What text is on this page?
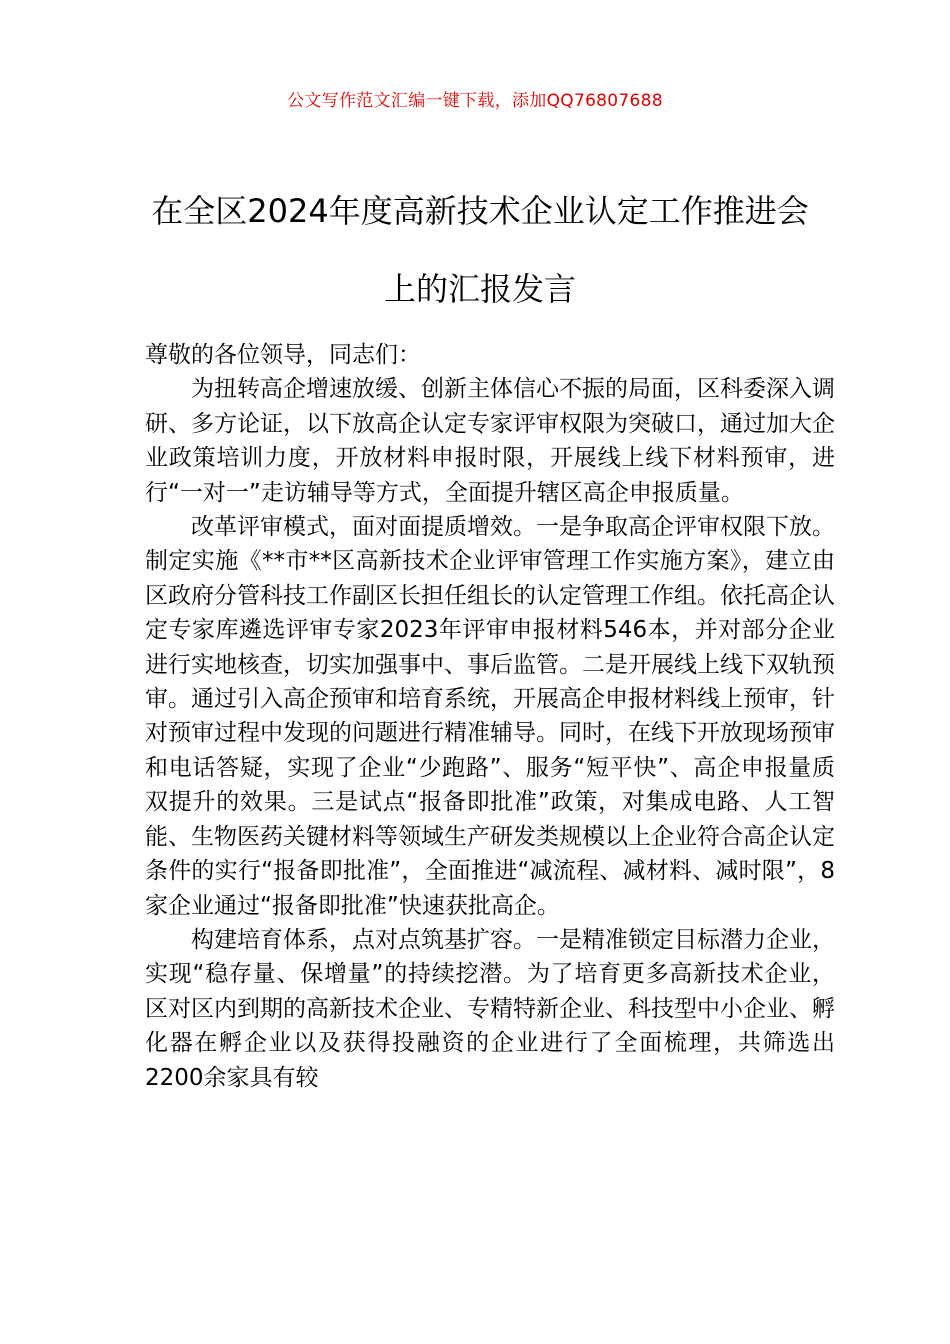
公文写作范文汇编一键下载，添加QQ76807688
在全区2024年度高新技术企业认定工作推进会上的汇报发言

尊敬的各位领导，同志们：

为扭转高企增速放缓、创新主体信心不振的局面，区科委深入调研、多方论证，以下放高企认定专家评审权限为突破口，通过加大企业政策培训力度，开放材料申报时限，开展线上线下材料预审，进行“一对一”走访辅导等方式，全面提升辖区高企申报质量。

改革评审模式，面对面提质增效。一是争取高企评审权限下放。制定实施《**市**区高新技术企业评审管理工作实施方案》，建立由区政府分管科技工作副区长担任组长的认定管理工作组。依托高企认定专家库遴选评审专家2023年评审申报材料546本，并对部分企业进行实地核查，切实加强事中、事后监管。二是开展线上线下双轨预审。通过引入高企预审和培育系统，开展高企申报材料线上预审，针对预审过程中发现的问题进行精准辅导。同时，在线下开放现场预审和电话答疑，实现了企业“少跑路”、服务“短平快”、高企申报量质双提升的效果。三是试点“报备即批准”政策，对集成电路、人工智能、生物医药关键材料等领域生产研发类规模以上企业符合高企认定条件的实行“报备即批准”，全面推进“减流程、减材料、减时限”，8家企业通过“报备即批准”快速获批高企。

构建培育体系，点对点筑基扩容。一是精准锁定目标潜力企业，实现“稳存量、保增量”的持续挖潜。为了培育更多高新技术企业，区对区内到期的高新技术企业、专精特新企业、科技型中小企业、孵化器在孵企业以及获得投融资的企业进行了全面梳理，共筛选出2200余家具有较
